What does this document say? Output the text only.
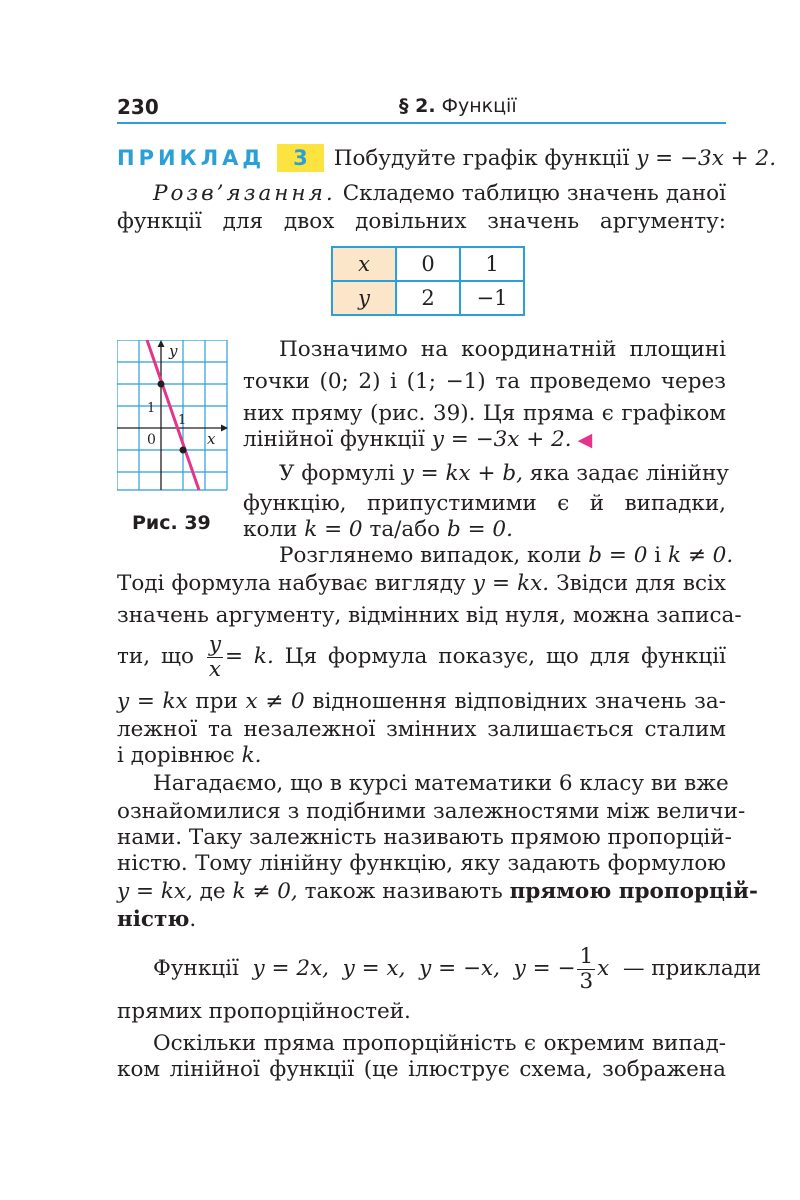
230	§ 2. Функції
ПРИКЛАД 3 Побудуйте графік функції y = −3x + 2.
Розв’язання. Складемо таблицю значень даної
функції для двох довільних значень аргументу:
x	0	1
y	2	−1
y
x
0
1
1
Рис. 39
Позначимо на координатній площині
точки (0; 2) і (1; −1) та проведемо через
них пряму (рис. 39). Ця пряма є графіком
лінійної функції y = −3x + 2. ◀
У формулі y = kx + b, яка задає лінійну
функцію, припустимими є й випадки,
коли k = 0 та/або b = 0.
Розглянемо випадок, коли b = 0 і k ≠ 0.
Тоді формула набуває вигляду y = kx. Звідси для всіх
значень аргументу, відмінних від нуля, можна записа-
ти, що $\frac{y}{x} = k$. Ця формула показує, що для функції
y = kx при x ≠ 0 відношення відповідних значень за-
лежної та незалежної змінних залишається сталим
і дорівнює k.
Нагадаємо, що в курсі математики 6 класу ви вже
ознайомилися з подібними залежностями між величи-
нами. Таку залежність називають прямою пропорцій-
ністю. Тому лінійну функцію, яку задають формулою
y = kx, де k ≠ 0, також називають прямою пропорцій-
ністю.
Функції y = 2x, y = x, y = −x, y = − $\frac{1}{3}$ x — приклади
прямих пропорційностей.
Оскільки пряма пропорційність є окремим випад-
ком лінійної функції (це ілюструє схема, зображена
